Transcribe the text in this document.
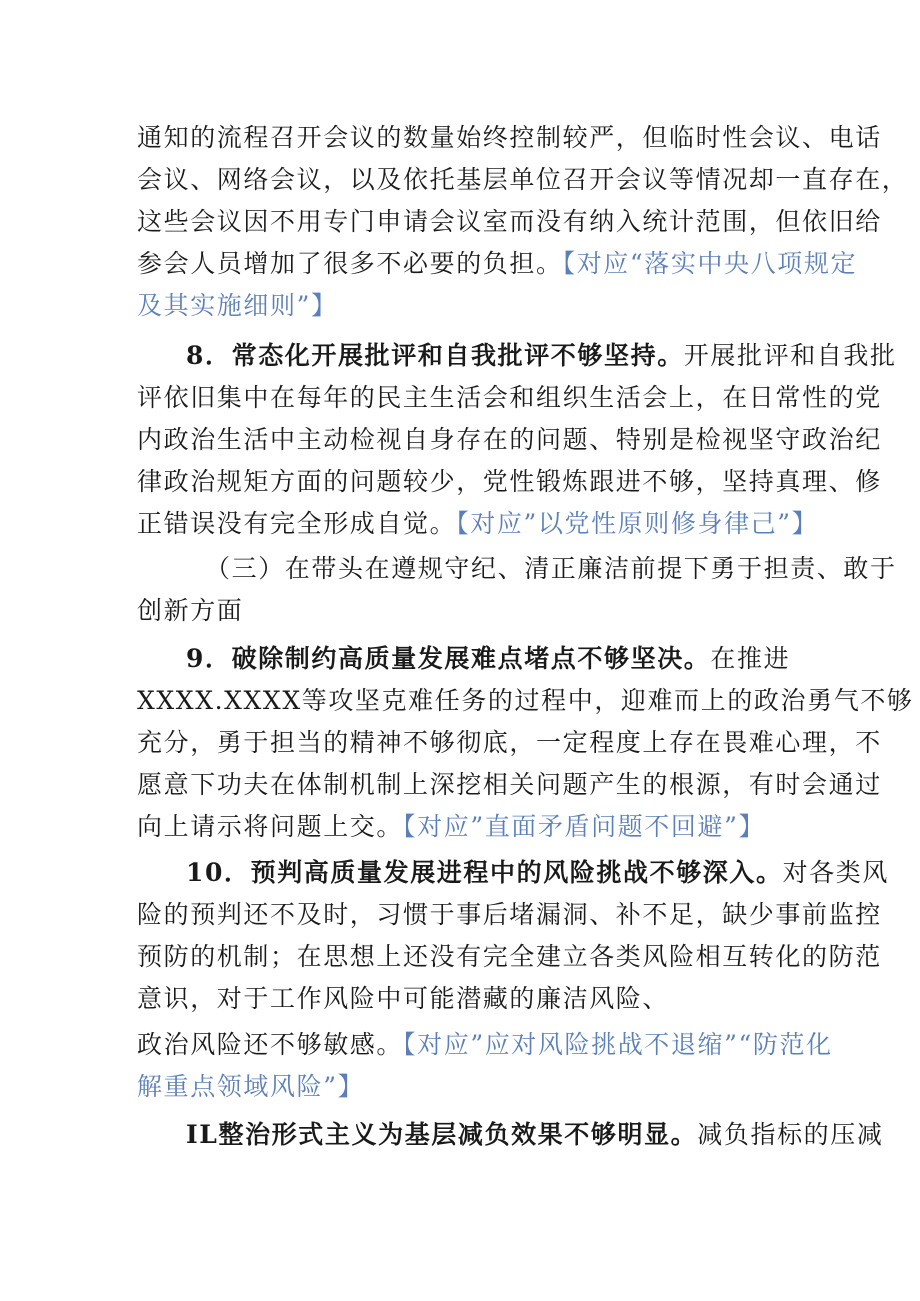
通知的流程召开会议的数量始终控制较严，但临时性会议、电话
会议、网络会议，以及依托基层单位召开会议等情况却一直存在，
这些会议因不用专门申请会议室而没有纳入统计范围，但依旧给
参会人员增加了很多不必要的负担。【对应“落实中央八项规定
及其实施细则”】
8．常态化开展批评和自我批评不够坚持。开展批评和自我批
评依旧集中在每年的民主生活会和组织生活会上，在日常性的党
内政治生活中主动检视自身存在的问题、特别是检视坚守政治纪
律政治规矩方面的问题较少，党性锻炼跟进不够，坚持真理、修
正错误没有完全形成自觉。【对应”以党性原则修身律己”】
（三）在带头在遵规守纪、清正廉洁前提下勇于担责、敢于
创新方面
9．破除制约高质量发展难点堵点不够坚决。在推进
XXXX.XXXX等攻坚克难任务的过程中，迎难而上的政治勇气不够
充分，勇于担当的精神不够彻底，一定程度上存在畏难心理，不
愿意下功夫在体制机制上深挖相关问题产生的根源，有时会通过
向上请示将问题上交。【对应”直面矛盾问题不回避”】
10．预判高质量发展进程中的风险挑战不够深入。对各类风
险的预判还不及时，习惯于事后堵漏洞、补不足，缺少事前监控
预防的机制；在思想上还没有完全建立各类风险相互转化的防范
意识，对于工作风险中可能潜藏的廉洁风险、
政治风险还不够敏感。【对应”应对风险挑战不退缩”“防范化
解重点领域风险”】
IL整治形式主义为基层减负效果不够明显。减负指标的压减
